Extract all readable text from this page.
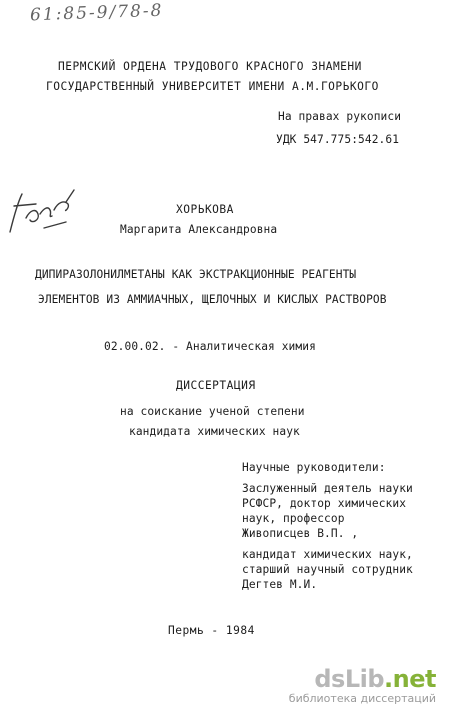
61:85-9/78-8
ПЕРМСКИЙ ОРДЕНА ТРУДОВОГО КРАСНОГО ЗНАМЕНИ
ГОСУДАРСТВЕННЫЙ УНИВЕРСИТЕТ ИМЕНИ А.М.ГОРЬКОГО
На правах рукописи
УДК 547.775:542.61
ХОРЬКОВА
Маргарита Александровна
ДИПИРАЗОЛОНИЛМЕТАНЫ КАК ЭКСТРАКЦИОННЫЕ РЕАГЕНТЫ
ЭЛЕМЕНТОВ ИЗ АММИАЧНЫХ, ЩЕЛОЧНЫХ И КИСЛЫХ РАСТВОРОВ
02.00.02. - Аналитическая химия
ДИССЕРТАЦИЯ
на соискание ученой степени
кандидата химических наук
Научные руководители:
Заслуженный деятель науки
РСФСР, доктор химических
наук, профессор
Живописцев В.П. ,
кандидат химических наук,
старший научный сотрудник
Дегтев М.И.
Пермь - 1984
dsLib.net
библиотека диссертаций
